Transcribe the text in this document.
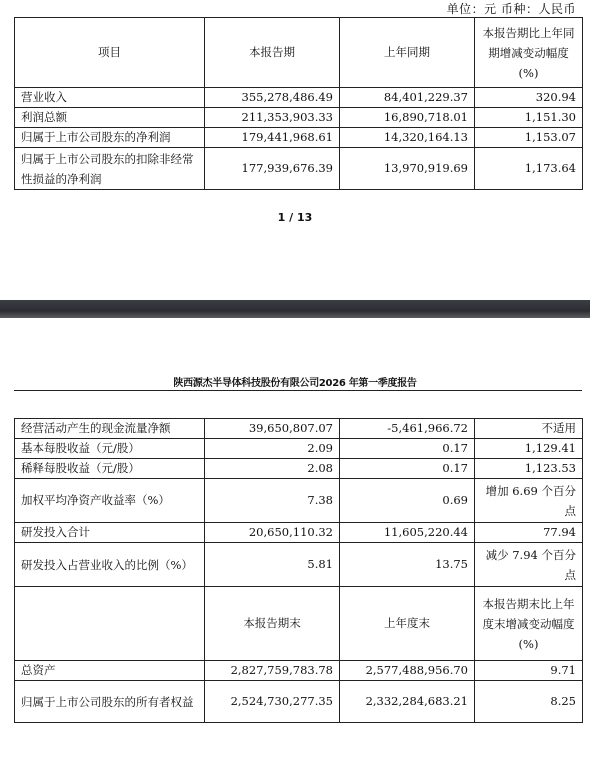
单位：元 币种：人民币
项目	本报告期	上年同期	本报告期比上年同期增减变动幅度(%)
营业收入	355,278,486.49	84,401,229.37	320.94
利润总额	211,353,903.33	16,890,718.01	1,151.30
归属于上市公司股东的净利润	179,441,968.61	14,320,164.13	1,153.07
归属于上市公司股东的扣除非经常性损益的净利润	177,939,676.39	13,970,919.69	1,173.64
1 / 13
陕西源杰半导体科技股份有限公司2026 年第一季度报告
经营活动产生的现金流量净额	39,650,807.07	-5,461,966.72	不适用
基本每股收益（元/股）	2.09	0.17	1,129.41
稀释每股收益（元/股）	2.08	0.17	1,123.53
加权平均净资产收益率（%）	7.38	0.69	增加 6.69 个百分点
研发投入合计	20,650,110.32	11,605,220.44	77.94
研发投入占营业收入的比例（%）	5.81	13.75	减少 7.94 个百分点
	本报告期末	上年度末	本报告期末比上年度末增减变动幅度(%)
总资产	2,827,759,783.78	2,577,488,956.70	9.71
归属于上市公司股东的所有者权益	2,524,730,277.35	2,332,284,683.21	8.25
